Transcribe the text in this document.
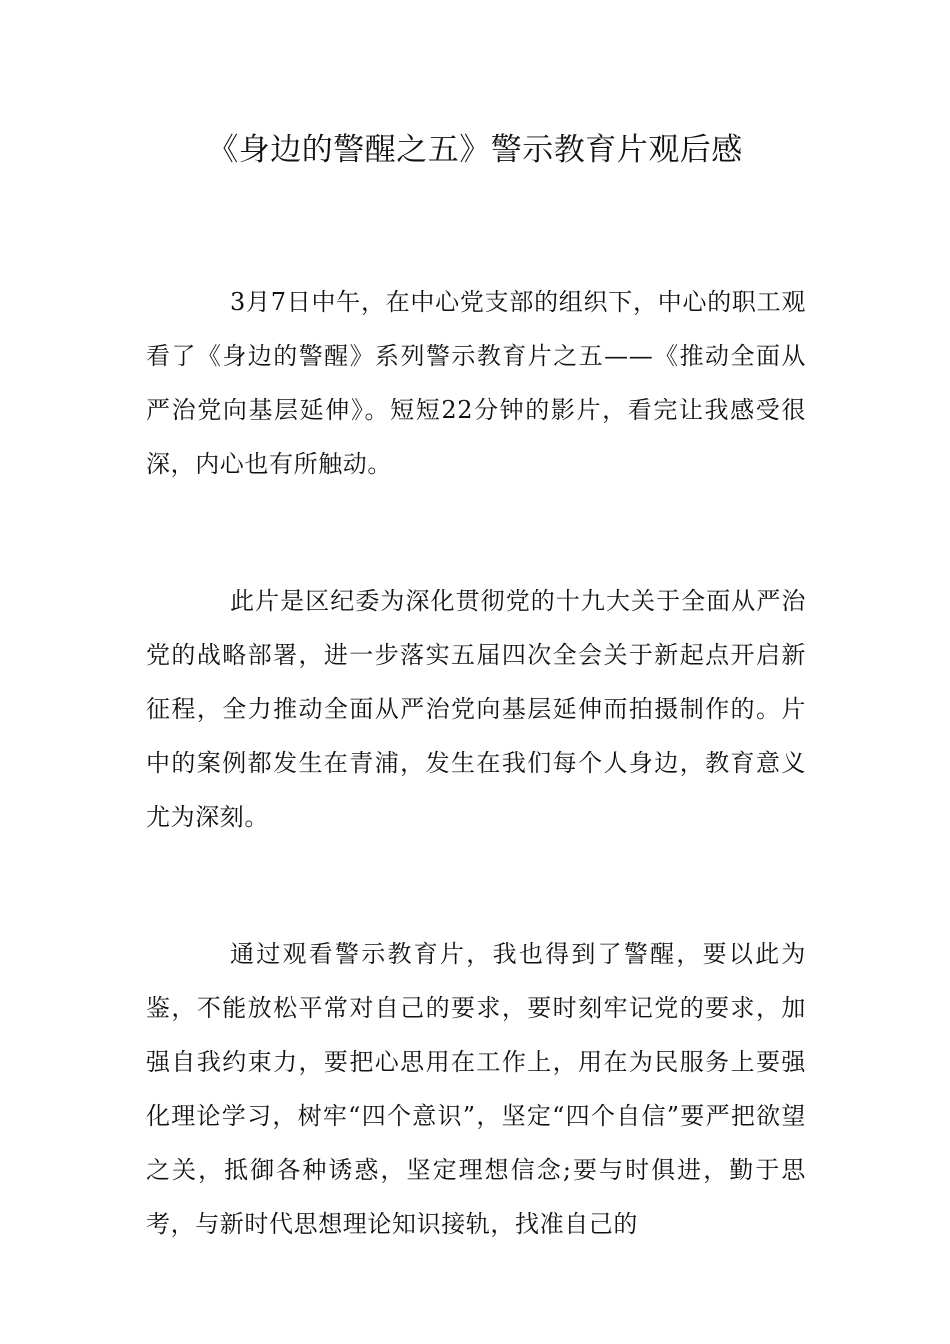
《身边的警醒之五》警示教育片观后感

3月7日中午，在中心党支部的组织下，中心的职工观看了《身边的警醒》系列警示教育片之五——《推动全面从严治党向基层延伸》。短短22分钟的影片，看完让我感受很深，内心也有所触动。

此片是区纪委为深化贯彻党的十九大关于全面从严治党的战略部署，进一步落实五届四次全会关于新起点开启新征程，全力推动全面从严治党向基层延伸而拍摄制作的。片中的案例都发生在青浦，发生在我们每个人身边，教育意义尤为深刻。

通过观看警示教育片，我也得到了警醒，要以此为鉴，不能放松平常对自己的要求，要时刻牢记党的要求，加强自我约束力，要把心思用在工作上，用在为民服务上要强化理论学习，树牢“四个意识”，坚定“四个自信”要严把欲望之关，抵御各种诱惑，坚定理想信念;要与时俱进，勤于思考，与新时代思想理论知识接轨，找准自己的
